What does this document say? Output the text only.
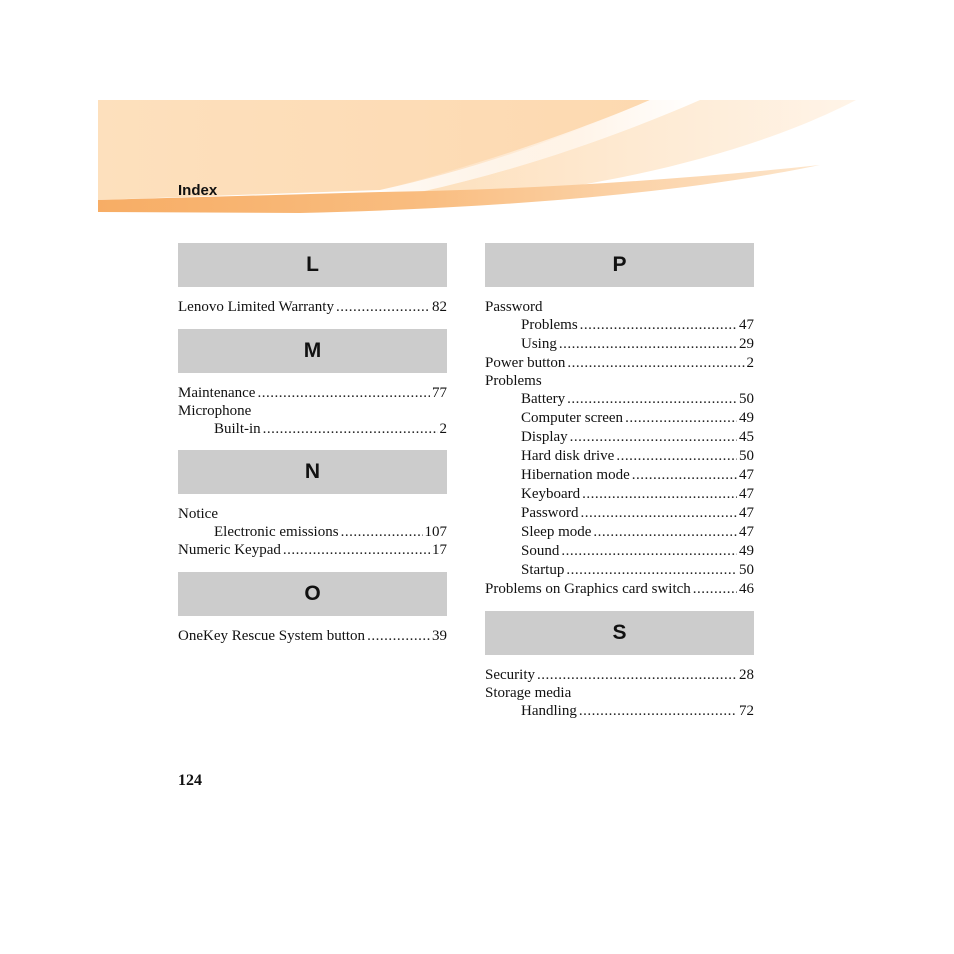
Index
L
Lenovo Limited Warranty .....	82
M
Maintenance .....	77
Microphone
Built-in .....	2
N
Notice
Electronic emissions .....	107
Numeric Keypad .....	17
O
OneKey Rescue System button .....	39
P
Password
Problems .....	47
Using .....	29
Power button .....	2
Problems
Battery .....	50
Computer screen .....	49
Display .....	45
Hard disk drive .....	50
Hibernation mode .....	47
Keyboard .....	47
Password .....	47
Sleep mode .....	47
Sound .....	49
Startup .....	50
Problems on Graphics card switch .....	46
S
Security .....	28
Storage media
Handling .....	72
124
